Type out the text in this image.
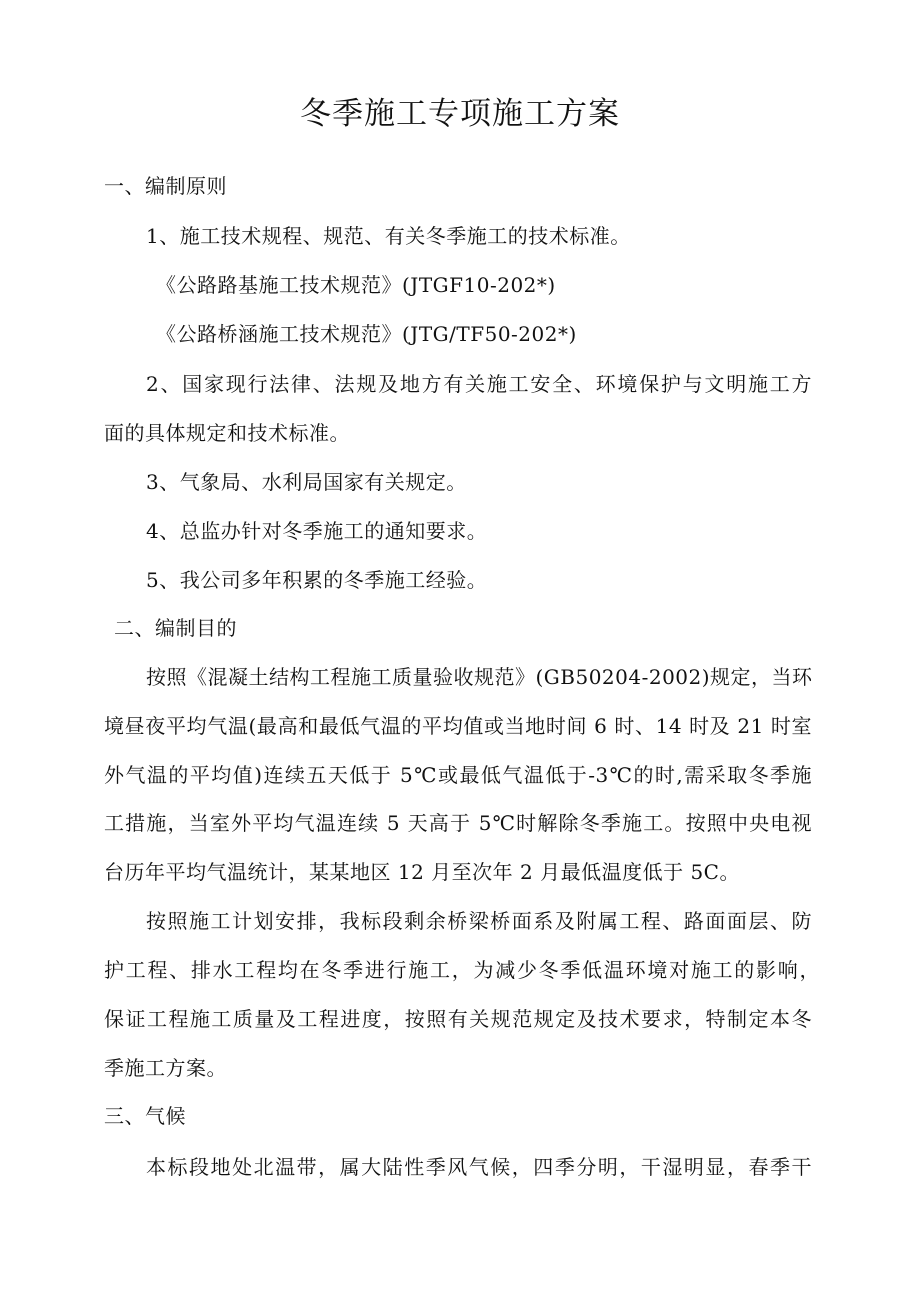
冬季施工专项施工方案
一、编制原则
1、施工技术规程、规范、有关冬季施工的技术标准。
《公路路基施工技术规范》(JTGF10-202*)
《公路桥涵施工技术规范》(JTG/TF50-202*)
2、国家现行法律、法规及地方有关施工安全、环境保护与文明施工方
面的具体规定和技术标准。
3、气象局、水利局国家有关规定。
4、总监办针对冬季施工的通知要求。
5、我公司多年积累的冬季施工经验。
二、编制目的
按照《混凝土结构工程施工质量验收规范》(GB50204-2002)规定，当环
境昼夜平均气温(最高和最低气温的平均值或当地时间 6 时、14 时及 21 时室
外气温的平均值)连续五天低于 5℃或最低气温低于-3℃的时,需采取冬季施
工措施，当室外平均气温连续 5 天高于 5℃时解除冬季施工。按照中央电视
台历年平均气温统计，某某地区 12 月至次年 2 月最低温度低于 5C。
按照施工计划安排，我标段剩余桥梁桥面系及附属工程、路面面层、防
护工程、排水工程均在冬季进行施工，为减少冬季低温环境对施工的影响，
保证工程施工质量及工程进度，按照有关规范规定及技术要求，特制定本冬
季施工方案。
三、气候
本标段地处北温带，属大陆性季风气候，四季分明，干湿明显，春季干
